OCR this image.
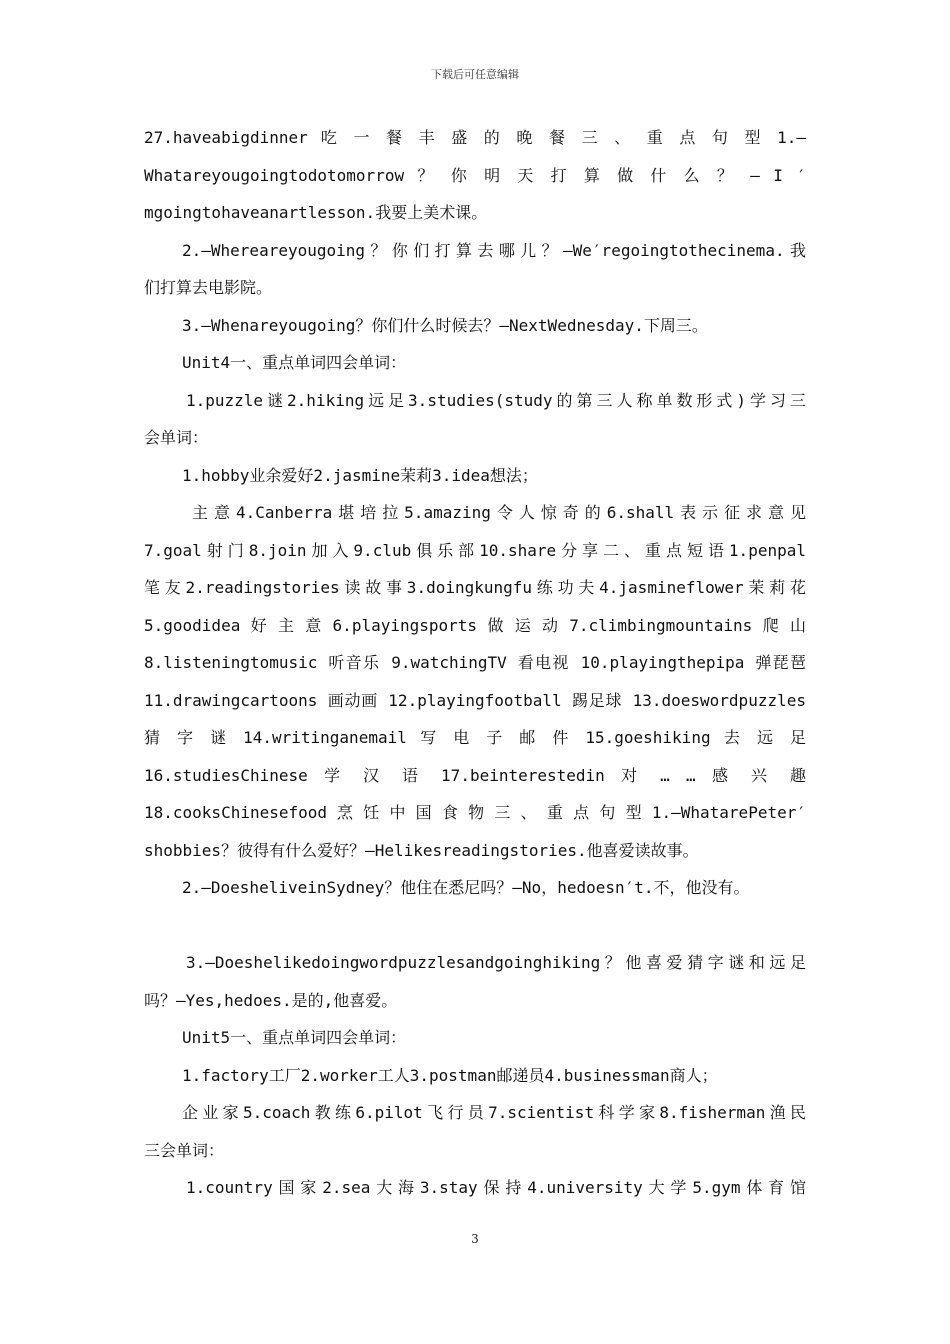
下载后可任意编辑
27.haveabigdinner 吃 一 餐 丰 盛 的 晚 餐 三 、 重 点 句 型 1.—
Whatareyougoingtodotomorrow ？ 你 明 天 打 算 做 什 么 ？ — I ′
mgoingtohaveanartlesson.我要上美术课。
2.—Whereareyougoing？你们打算去哪儿？—We′regoingtothecinema.我
们打算去电影院。
3.—Whenareyougoing？你们什么时候去？—NextWednesday.下周三。
Unit4一、重点单词四会单词：
1.puzzle谜2.hiking远足3.studies(study的第三人称单数形式)学习三
会单词：
1.hobby业余爱好2.jasmine茉莉3.idea想法；
主意4.Canberra堪培拉5.amazing令人惊奇的6.shall表示征求意见
7.goal射门8.join加入9.club俱乐部10.share分享二、重点短语1.penpal
笔友2.readingstories读故事3.doingkungfu练功夫4.jasmineflower茉莉花
5.goodidea 好 主 意 6.playingsports 做 运 动 7.climbingmountains 爬 山
8.listeningtomusic 听音乐 9.watchingTV 看电视 10.playingthepipa 弹琵琶
11.drawingcartoons 画动画 12.playingfootball 踢足球 13.doeswordpuzzles
猜 字 谜 14.writinganemail 写 电 子 邮 件 15.goeshiking 去 远 足
16.studiesChinese 学 汉 语 17.beinterestedin 对 … … 感 兴 趣
18.cooksChinesefood 烹 饪 中 国 食 物 三 、 重 点 句 型 1.—WhatarePeter′
shobbies？彼得有什么爱好？—Helikesreadingstories.他喜爱读故事。
2.—DoesheliveinSydney？他住在悉尼吗？—No，hedoesn′t.不，他没有。
3.—Doeshelikedoingwordpuzzlesandgoinghiking？他喜爱猜字谜和远足
吗？—Yes,hedoes.是的,他喜爱。
Unit5一、重点单词四会单词：
1.factory工厂2.worker工人3.postman邮递员4.businessman商人；
企业家5.coach教练6.pilot飞行员7.scientist科学家8.fisherman渔民
三会单词：
1.country国家2.sea大海3.stay保持4.university大学5.gym体育馆
3
